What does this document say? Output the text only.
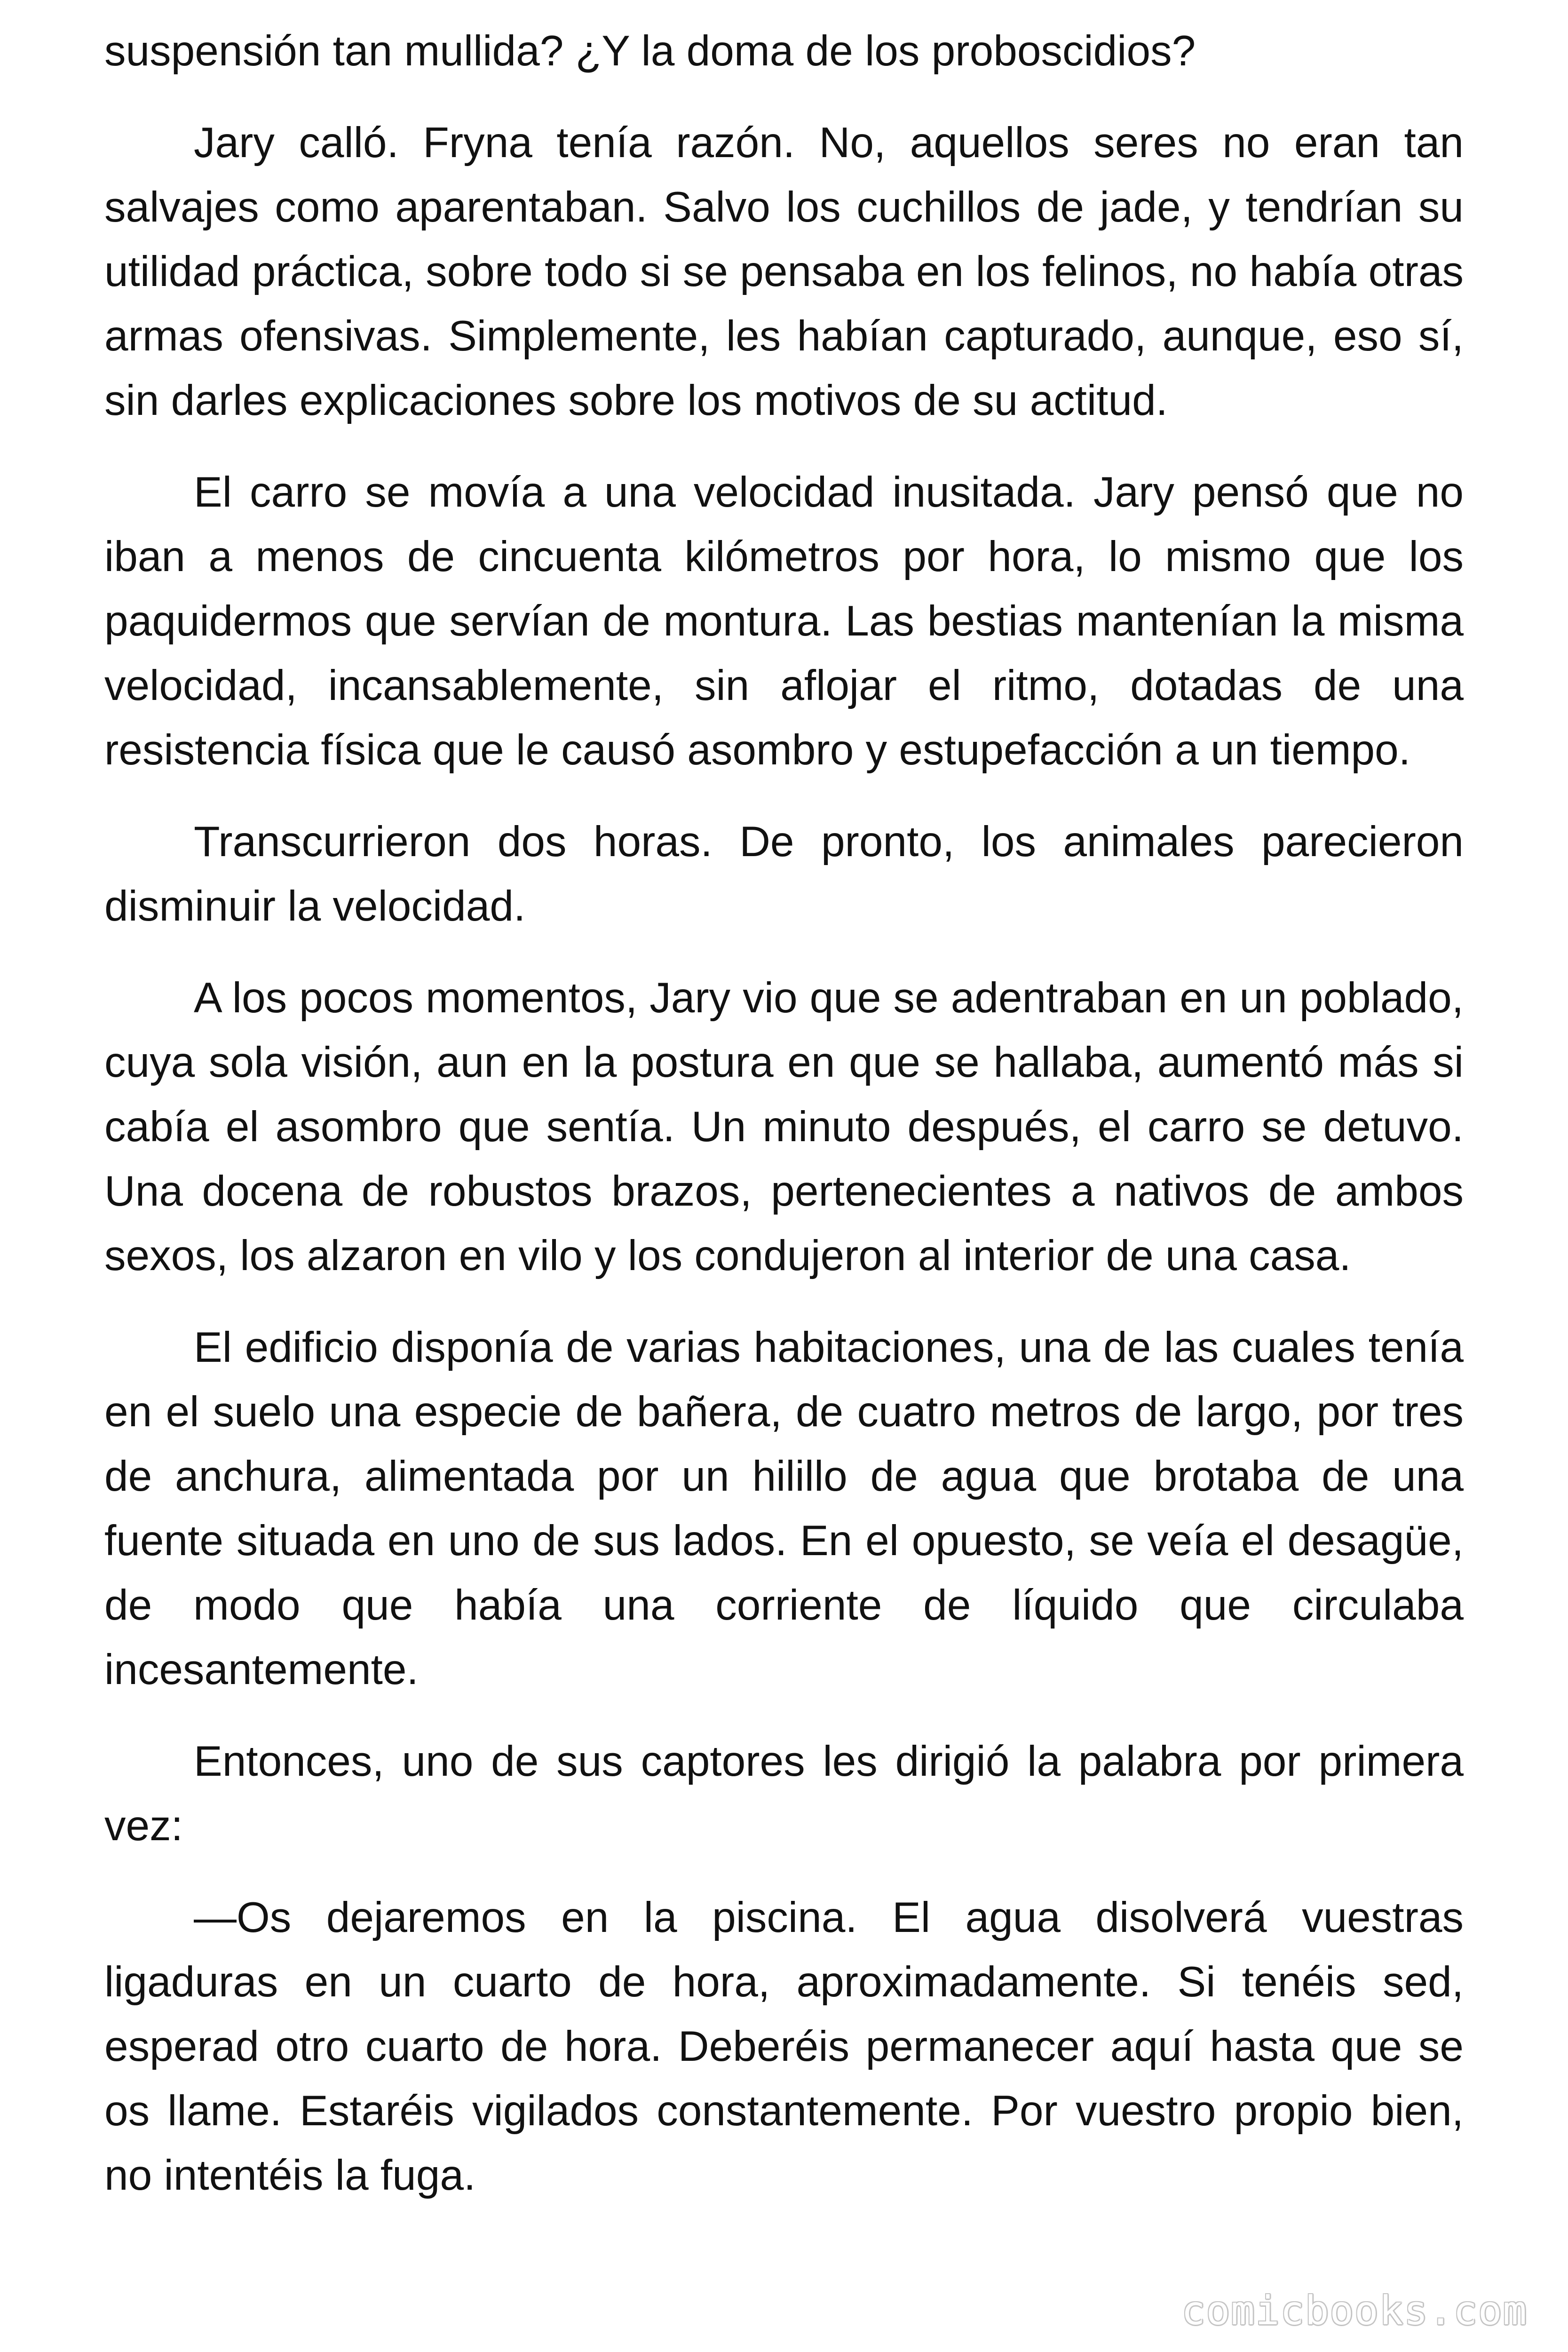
suspensión tan mullida? ¿Y la doma de los proboscidios?

Jary calló. Fryna tenía razón. No, aquellos seres no eran tan salvajes como aparentaban. Salvo los cuchillos de jade, y tendrían su utilidad práctica, sobre todo si se pensaba en los felinos, no había otras armas ofensivas. Simplemente, les habían capturado, aunque, eso sí, sin darles explicaciones sobre los motivos de su actitud.

El carro se movía a una velocidad inusitada. Jary pensó que no iban a menos de cincuenta kilómetros por hora, lo mismo que los paquidermos que servían de montura. Las bestias mantenían la misma velocidad, incansablemente, sin aflojar el ritmo, dotadas de una resistencia física que le causó asombro y estupefacción a un tiempo.

Transcurrieron dos horas. De pronto, los animales parecieron disminuir la velocidad.

A los pocos momentos, Jary vio que se adentraban en un poblado, cuya sola visión, aun en la postura en que se hallaba, aumentó más si cabía el asombro que sentía. Un minuto después, el carro se detuvo. Una docena de robustos brazos, pertenecientes a nativos de ambos sexos, los alzaron en vilo y los condujeron al interior de una casa.

El edificio disponía de varias habitaciones, una de las cuales tenía en el suelo una especie de bañera, de cuatro metros de largo, por tres de anchura, alimentada por un hilillo de agua que brotaba de una fuente situada en uno de sus lados. En el opuesto, se veía el desagüe, de modo que había una corriente de líquido que circulaba incesantemente.

Entonces, uno de sus captores les dirigió la palabra por primera vez:

—Os dejaremos en la piscina. El agua disolverá vuestras ligaduras en un cuarto de hora, aproximadamente. Si tenéis sed, esperad otro cuarto de hora. Deberéis permanecer aquí hasta que se os llame. Estaréis vigilados constantemente. Por vuestro propio bien, no intentéis la fuga.

comicbooks.com
